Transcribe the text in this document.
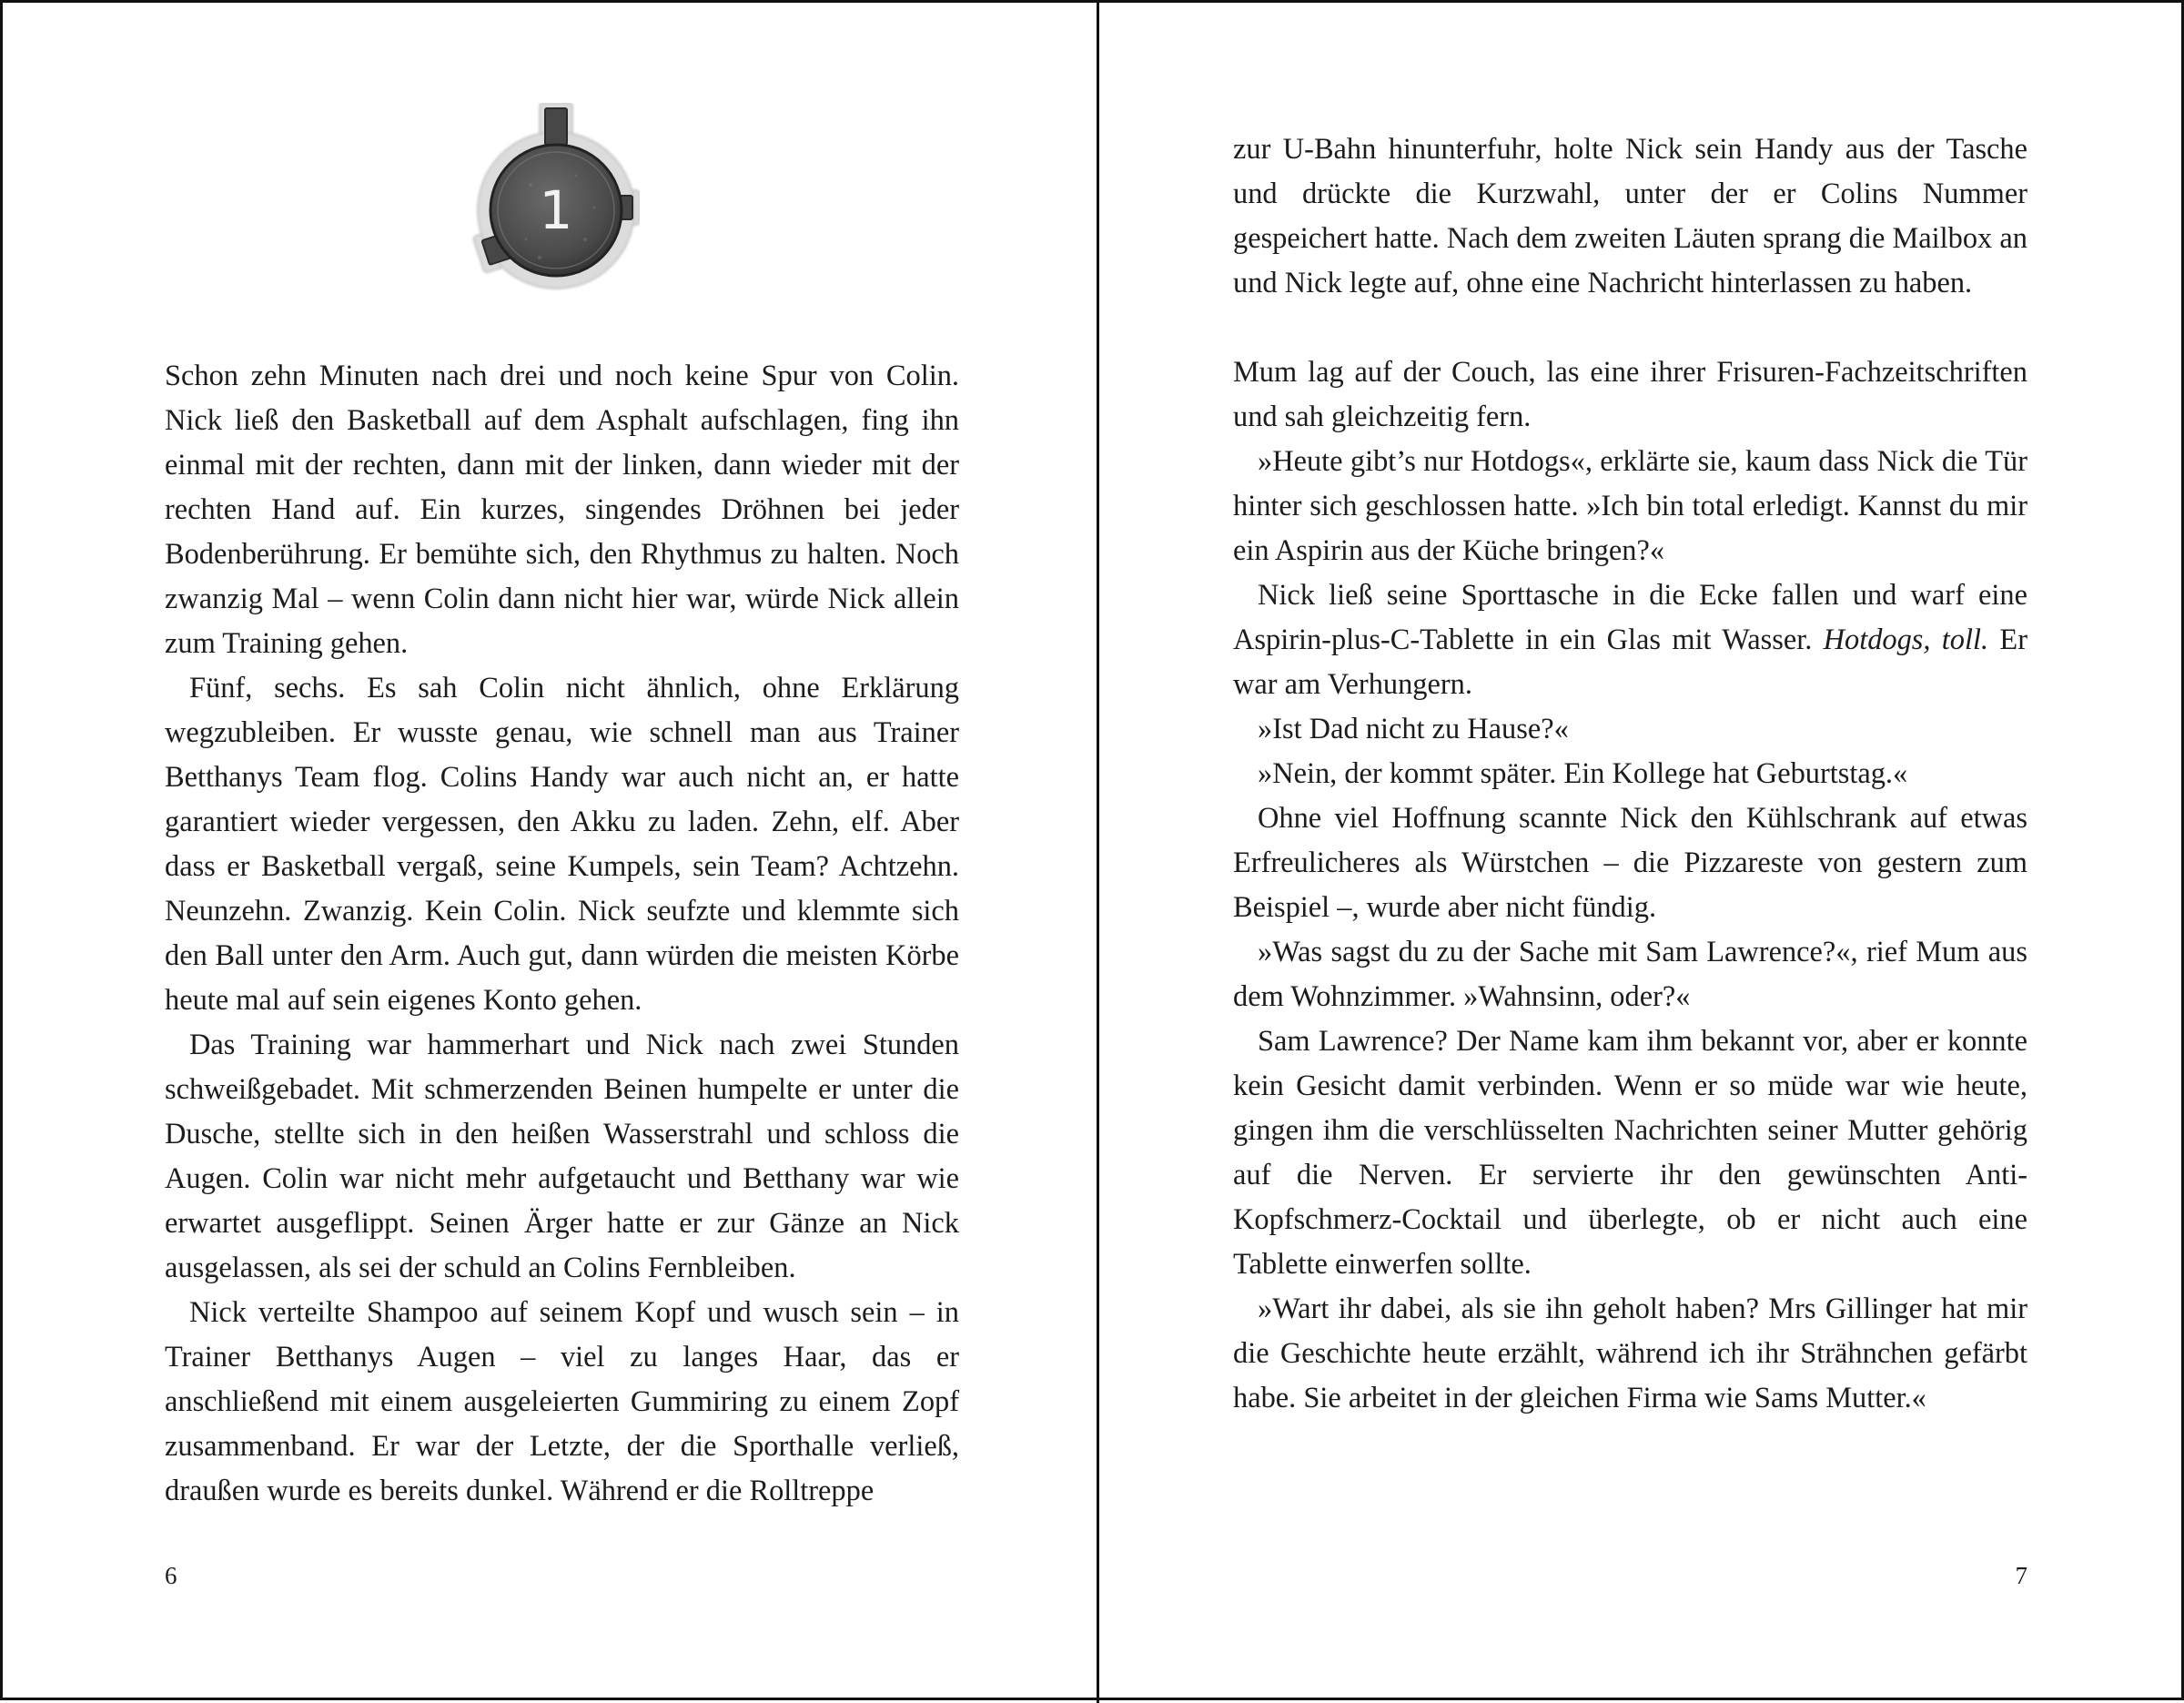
1

Schon zehn Minuten nach drei und noch keine Spur von Colin. Nick ließ den Basketball auf dem Asphalt aufschlagen, fing ihn einmal mit der rechten, dann mit der linken, dann wieder mit der rechten Hand auf. Ein kurzes, singendes Dröhnen bei jeder Bodenberührung. Er bemühte sich, den Rhythmus zu halten. Noch zwanzig Mal – wenn Colin dann nicht hier war, würde Nick allein zum Training gehen.

Fünf, sechs. Es sah Colin nicht ähnlich, ohne Erklärung wegzubleiben. Er wusste genau, wie schnell man aus Trainer Betthanys Team flog. Colins Handy war auch nicht an, er hatte garantiert wieder vergessen, den Akku zu laden. Zehn, elf. Aber dass er Basketball vergaß, seine Kumpels, sein Team? Achtzehn. Neunzehn. Zwanzig. Kein Colin. Nick seufzte und klemmte sich den Ball unter den Arm. Auch gut, dann würden die meisten Körbe heute mal auf sein eigenes Konto gehen.

Das Training war hammerhart und Nick nach zwei Stunden schweißgebadet. Mit schmerzenden Beinen humpelte er unter die Dusche, stellte sich in den heißen Wasserstrahl und schloss die Augen. Colin war nicht mehr aufgetaucht und Betthany war wie erwartet ausgeflippt. Seinen Ärger hatte er zur Gänze an Nick ausgelassen, als sei der schuld an Colins Fernbleiben.

Nick verteilte Shampoo auf seinem Kopf und wusch sein – in Trainer Betthanys Augen – viel zu langes Haar, das er anschließend mit einem ausgeleierten Gummiring zu einem Zopf zusammenband. Er war der Letzte, der die Sporthalle verließ, draußen wurde es bereits dunkel. Während er die Rolltreppe

6

zur U-Bahn hinunterfuhr, holte Nick sein Handy aus der Tasche und drückte die Kurzwahl, unter der er Colins Nummer gespeichert hatte. Nach dem zweiten Läuten sprang die Mailbox an und Nick legte auf, ohne eine Nachricht hinterlassen zu haben.

Mum lag auf der Couch, las eine ihrer Frisuren-Fachzeitschriften und sah gleichzeitig fern.

»Heute gibt’s nur Hotdogs«, erklärte sie, kaum dass Nick die Tür hinter sich geschlossen hatte. »Ich bin total erledigt. Kannst du mir ein Aspirin aus der Küche bringen?«

Nick ließ seine Sporttasche in die Ecke fallen und warf eine Aspirin-plus-C-Tablette in ein Glas mit Wasser. Hotdogs, toll. Er war am Verhungern.

»Ist Dad nicht zu Hause?«

»Nein, der kommt später. Ein Kollege hat Geburtstag.«

Ohne viel Hoffnung scannte Nick den Kühlschrank auf etwas Erfreulicheres als Würstchen – die Pizzareste von gestern zum Beispiel –, wurde aber nicht fündig.

»Was sagst du zu der Sache mit Sam Lawrence?«, rief Mum aus dem Wohnzimmer. »Wahnsinn, oder?«

Sam Lawrence? Der Name kam ihm bekannt vor, aber er konnte kein Gesicht damit verbinden. Wenn er so müde war wie heute, gingen ihm die verschlüsselten Nachrichten seiner Mutter gehörig auf die Nerven. Er servierte ihr den gewünschten Anti-Kopfschmerz-Cocktail und überlegte, ob er nicht auch eine Tablette einwerfen sollte.

»Wart ihr dabei, als sie ihn geholt haben? Mrs Gillinger hat mir die Geschichte heute erzählt, während ich ihr Strähnchen gefärbt habe. Sie arbeitet in der gleichen Firma wie Sams Mutter.«

7
